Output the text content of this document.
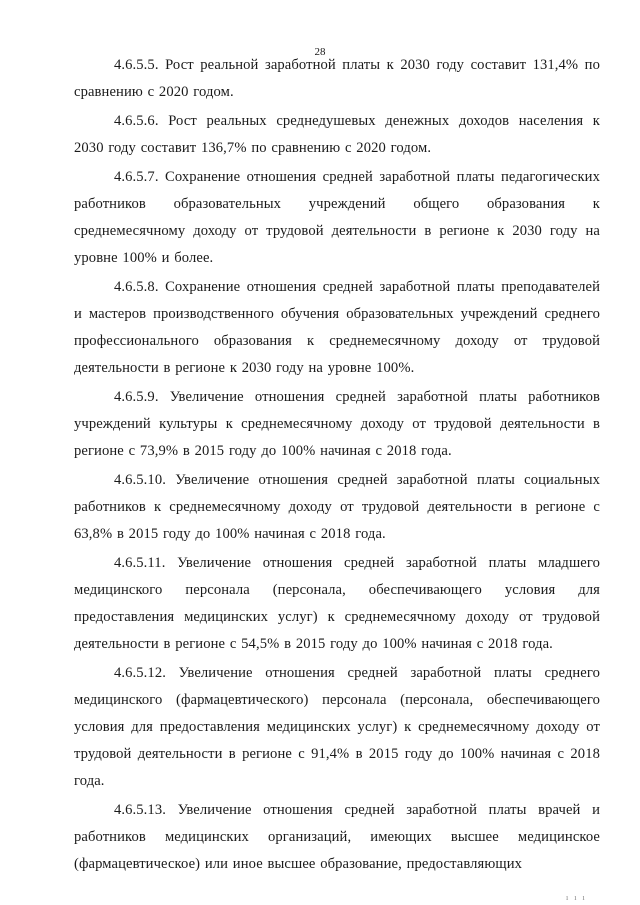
28

4.6.5.5. Рост реальной заработной платы к 2030 году составит 131,4% по сравнению с 2020 годом.

4.6.5.6. Рост реальных среднедушевых денежных доходов населения к 2030 году составит 136,7% по сравнению с 2020 годом.

4.6.5.7. Сохранение отношения средней заработной платы педагогических работников образовательных учреждений общего образования к среднемесячному доходу от трудовой деятельности в регионе к 2030 году на уровне 100% и более.

4.6.5.8. Сохранение отношения средней заработной платы преподавателей и мастеров производственного обучения образовательных учреждений среднего профессионального образования к среднемесячному доходу от трудовой деятельности в регионе к 2030 году на уровне 100%.

4.6.5.9. Увеличение отношения средней заработной платы работников учреждений культуры к среднемесячному доходу от трудовой деятельности в регионе с 73,9% в 2015 году до 100% начиная с 2018 года.

4.6.5.10. Увеличение отношения средней заработной платы социальных работников к среднемесячному доходу от трудовой деятельности в регионе с 63,8% в 2015 году до 100% начиная с 2018 года.

4.6.5.11. Увеличение отношения средней заработной платы младшего медицинского персонала (персонала, обеспечивающего условия для предоставления медицинских услуг) к среднемесячному доходу от трудовой деятельности в регионе с 54,5% в 2015 году до 100% начиная с 2018 года.

4.6.5.12. Увеличение отношения средней заработной платы среднего медицинского (фармацевтического) персонала (персонала, обеспечивающего условия для предоставления медицинских услуг) к среднемесячному доходу от трудовой деятельности в регионе с 91,4% в 2015 году до 100% начиная с 2018 года.

4.6.5.13. Увеличение отношения средней заработной платы врачей и работников медицинских организаций, имеющих высшее медицинское (фармацевтическое) или иное высшее образование, предоставляющих

ı ı ı
